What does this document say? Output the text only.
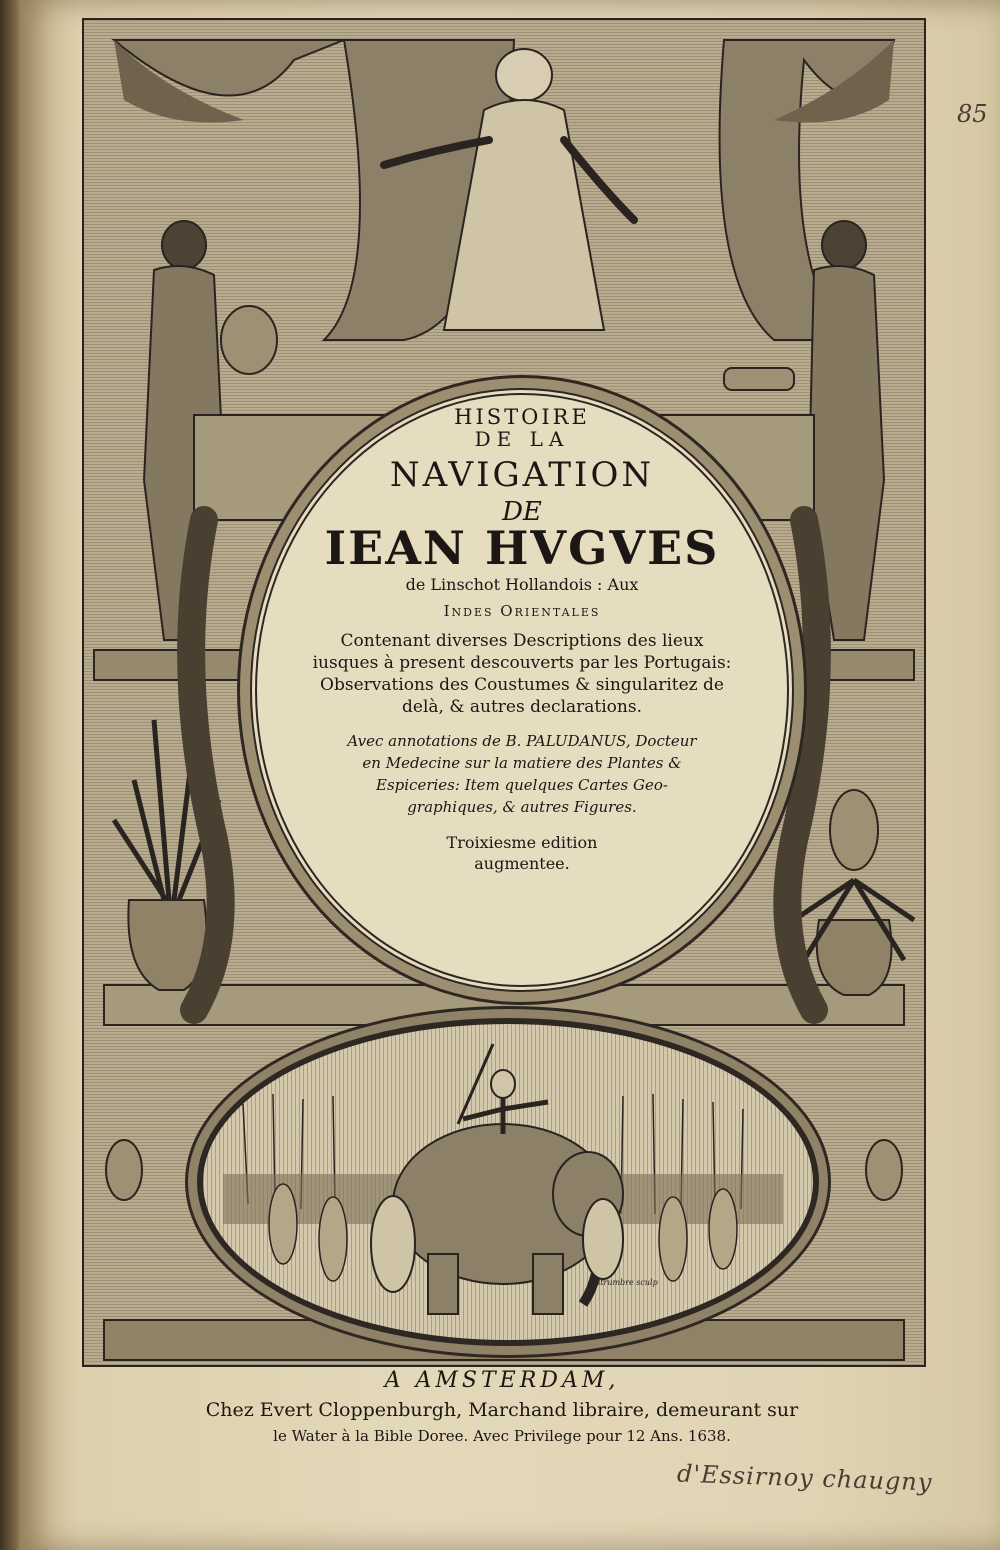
Pstrumbre sculp
HISTOIRE
DE LA
NAVIGATION
DE
IEAN HVGVES
de Linschot Hollandois : Aux
Indes Orientales
Contenant diverses Descriptions des lieux
iusques à present descouverts par les Portugais:
Observations des Coustumes & singularitez de
delà, & autres declarations.
Avec annotations de B. PALUDANUS, Docteur
en Medecine sur la matiere des Plantes &
Espiceries: Item quelques Cartes Geo-
graphiques, & autres Figures.
Troixiesme edition
augmentee.
A AMSTERDAM,
Chez Evert Cloppenburgh, Marchand libraire, demeurant sur
le Water à la Bible Doree. Avec Privilege pour 12 Ans. 1638.
85
d'Essirnoy chaugny
